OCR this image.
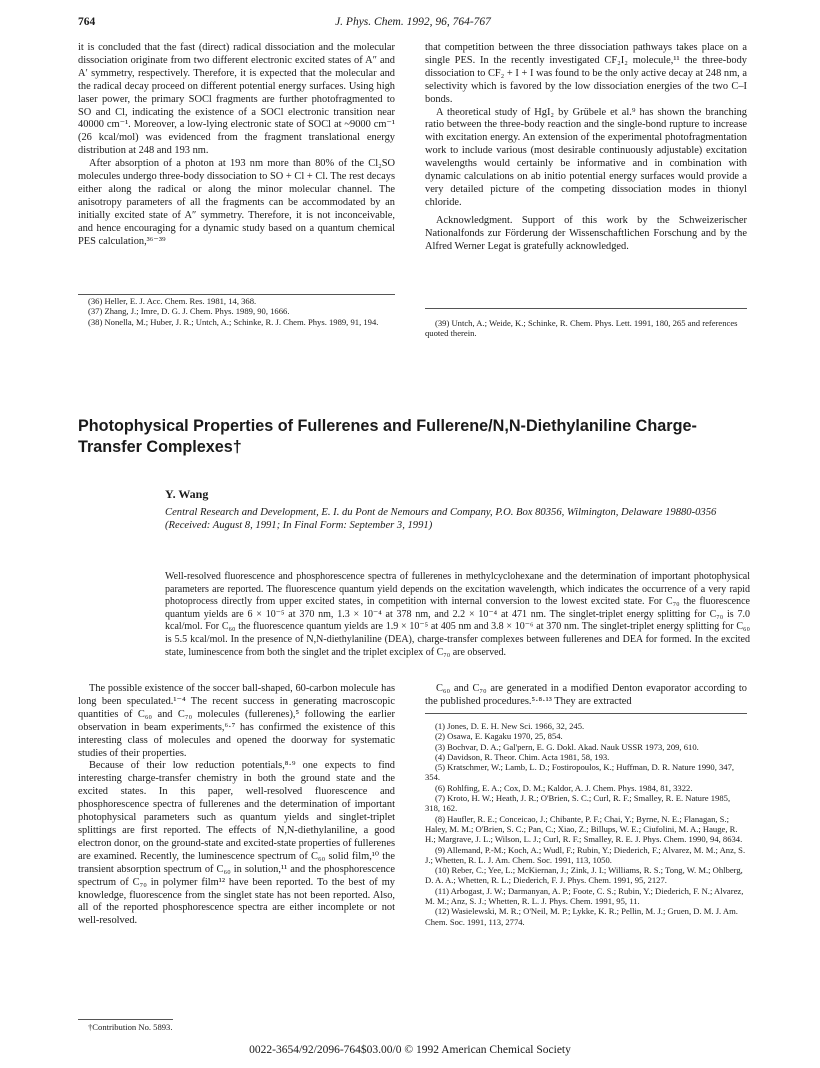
764	J. Phys. Chem. 1992, 96, 764-767

it is concluded that the fast (direct) radical dissociation and the molecular dissociation originate from two different electronic excited states of A″ and A′ symmetry, respectively. Therefore, it is expected that the molecular and the radical decay proceed on different potential energy surfaces. Using high laser power, the primary SOCl fragments are further photofragmented to SO and Cl, indicating the existence of a SOCl electronic transition near 40000 cm⁻¹. Moreover, a low-lying electronic state of SOCl at ~9000 cm⁻¹ (26 kcal/mol) was evidenced from the fragment translational energy distribution at 248 and 193 nm.

After absorption of a photon at 193 nm more than 80% of the Cl₂SO molecules undergo three-body dissociation to SO + Cl + Cl. The rest decays either along the radical or along the minor molecular channel. The anisotropy parameters of all the fragments can be accommodated by an initially excited state of A″ symmetry. Therefore, it is not inconceivable, and hence encouraging for a dynamic study based on a quantum chemical PES calculation,³⁶⁻³⁹

that competition between the three dissociation pathways takes place on a single PES. In the recently investigated CF₂I₂ molecule,¹¹ the three-body dissociation to CF₂ + I + I was found to be the only active decay at 248 nm, a selectivity which is favored by the low dissociation energies of the two C–I bonds.

A theoretical study of HgI₂ by Grübele et al.⁹ has shown the branching ratio between the three-body reaction and the single-bond rupture to increase with excitation energy. An extension of the experimental photofragmentation work to include various (most desirable continuously adjustable) excitation wavelengths would certainly be informative and in combination with dynamic calculations on ab initio potential energy surfaces would provide a very detailed picture of the competing dissociation modes in thionyl chloride.

Acknowledgment. Support of this work by the Schweizerischer Nationalfonds zur Förderung der Wissenschaftlichen Forschung and by the Alfred Werner Legat is gratefully acknowledged.

(36) Heller, E. J. Acc. Chem. Res. 1981, 14, 368.
(37) Zhang, J.; Imre, D. G. J. Chem. Phys. 1989, 90, 1666.
(38) Nonella, M.; Huber, J. R.; Untch, A.; Schinke, R. J. Chem. Phys. 1989, 91, 194.	(39) Untch, A.; Weide, K.; Schinke, R. Chem. Phys. Lett. 1991, 180, 265 and references quoted therein.
Photophysical Properties of Fullerenes and Fullerene/N,N-Diethylaniline Charge-Transfer Complexes†
Y. Wang
Central Research and Development, E. I. du Pont de Nemours and Company, P.O. Box 80356, Wilmington, Delaware 19880-0356 (Received: August 8, 1991; In Final Form: September 3, 1991)

Well-resolved fluorescence and phosphorescence spectra of fullerenes in methylcyclohexane and the determination of important photophysical parameters are reported. The fluorescence quantum yield depends on the excitation wavelength, which indicates the occurrence of a very rapid photoprocess directly from upper excited states, in competition with internal conversion to the lowest excited state. For C₇₀ the fluorescence quantum yields are 6 × 10⁻⁵ at 370 nm, 1.3 × 10⁻⁴ at 378 nm, and 2.2 × 10⁻⁴ at 471 nm. The singlet-triplet energy splitting for C₇₀ is 7.0 kcal/mol. For C₆₀ the fluorescence quantum yields are 1.9 × 10⁻⁵ at 405 nm and 3.8 × 10⁻⁶ at 370 nm. The singlet-triplet energy splitting for C₆₀ is 5.5 kcal/mol. In the presence of N,N-diethylaniline (DEA), charge-transfer complexes between fullerenes and DEA for formed. In the excited state, luminescence from both the singlet and the triplet exciplex of C₇₀ are observed.

The possible existence of the soccer ball-shaped, 60-carbon molecule has long been speculated.¹⁻⁴ The recent success in generating macroscopic quantities of C₆₀ and C₇₀ molecules (fullerenes),⁵ following the earlier observation in beam experiments,⁶·⁷ has confirmed the existence of this interesting class of molecules and opened the doorway for systematic studies of their properties.

Because of their low reduction potentials,⁸·⁹ one expects to find interesting charge-transfer chemistry in both the ground state and the excited states. In this paper, well-resolved fluorescence and phosphorescence spectra of fullerenes and the determination of important photophysical parameters such as quantum yields and singlet-triplet splittings are first reported. The effects of N,N-diethylaniline, a good electron donor, on the ground-state and excited-state properties of fullerenes are examined. Recently, the luminescence spectrum of C₆₀ solid film,¹⁰ the transient absorption spectrum of C₆₀ in solution,¹¹ and the phosphorescence spectrum of C₇₀ in polymer film¹² have been reported. To the best of my knowledge, fluorescence from the singlet state has not been reported. Also, all of the reported phosphorescence spectra are either incomplete or not well-resolved.

†Contribution No. 5893.

C₆₀ and C₇₀ are generated in a modified Denton evaporator according to the published procedures.⁵·⁸·¹³ They are extracted

(1) Jones, D. E. H. New Sci. 1966, 32, 245.
(2) Osawa, E. Kagaku 1970, 25, 854.
(3) Bochvar, D. A.; Gal'pern, E. G. Dokl. Akad. Nauk USSR 1973, 209, 610.
(4) Davidson, R. Theor. Chim. Acta 1981, 58, 193.
(5) Kratschmer, W.; Lamb, L. D.; Fostiropoulos, K.; Huffman, D. R. Nature 1990, 347, 354.
(6) Rohlfing, E. A.; Cox, D. M.; Kaldor, A. J. Chem. Phys. 1984, 81, 3322.
(7) Kroto, H. W.; Heath, J. R.; O'Brien, S. C.; Curl, R. F.; Smalley, R. E. Nature 1985, 318, 162.
(8) Haufler, R. E.; Conceicao, J.; Chibante, P. F.; Chai, Y.; Byrne, N. E.; Flanagan, S.; Haley, M. M.; O'Brien, S. C.; Pan, C.; Xiao, Z.; Billups, W. E.; Ciufolini, M. A.; Hauge, R. H.; Margrave, J. L.; Wilson, L. J.; Curl, R. F.; Smalley, R. E. J. Phys. Chem. 1990, 94, 8634.
(9) Allemand, P.-M.; Koch, A.; Wudl, F.; Rubin, Y.; Diederich, F.; Alvarez, M. M.; Anz, S. J.; Whetten, R. L. J. Am. Chem. Soc. 1991, 113, 1050.
(10) Reber, C.; Yee, L.; McKiernan, J.; Zink, J. I.; Williams, R. S.; Tong, W. M.; Ohlberg, D. A. A.; Whetten, R. L.; Diederich, F. J. Phys. Chem. 1991, 95, 2127.
(11) Arbogast, J. W.; Darmanyan, A. P.; Foote, C. S.; Rubin, Y.; Diederich, F. N.; Alvarez, M. M.; Anz, S. J.; Whetten, R. L. J. Phys. Chem. 1991, 95, 11.
(12) Wasielewski, M. R.; O'Neil, M. P.; Lykke, K. R.; Pellin, M. J.; Gruen, D. M. J. Am. Chem. Soc. 1991, 113, 2774.
0022-3654/92/2096-764$03.00/0 © 1992 American Chemical Society
